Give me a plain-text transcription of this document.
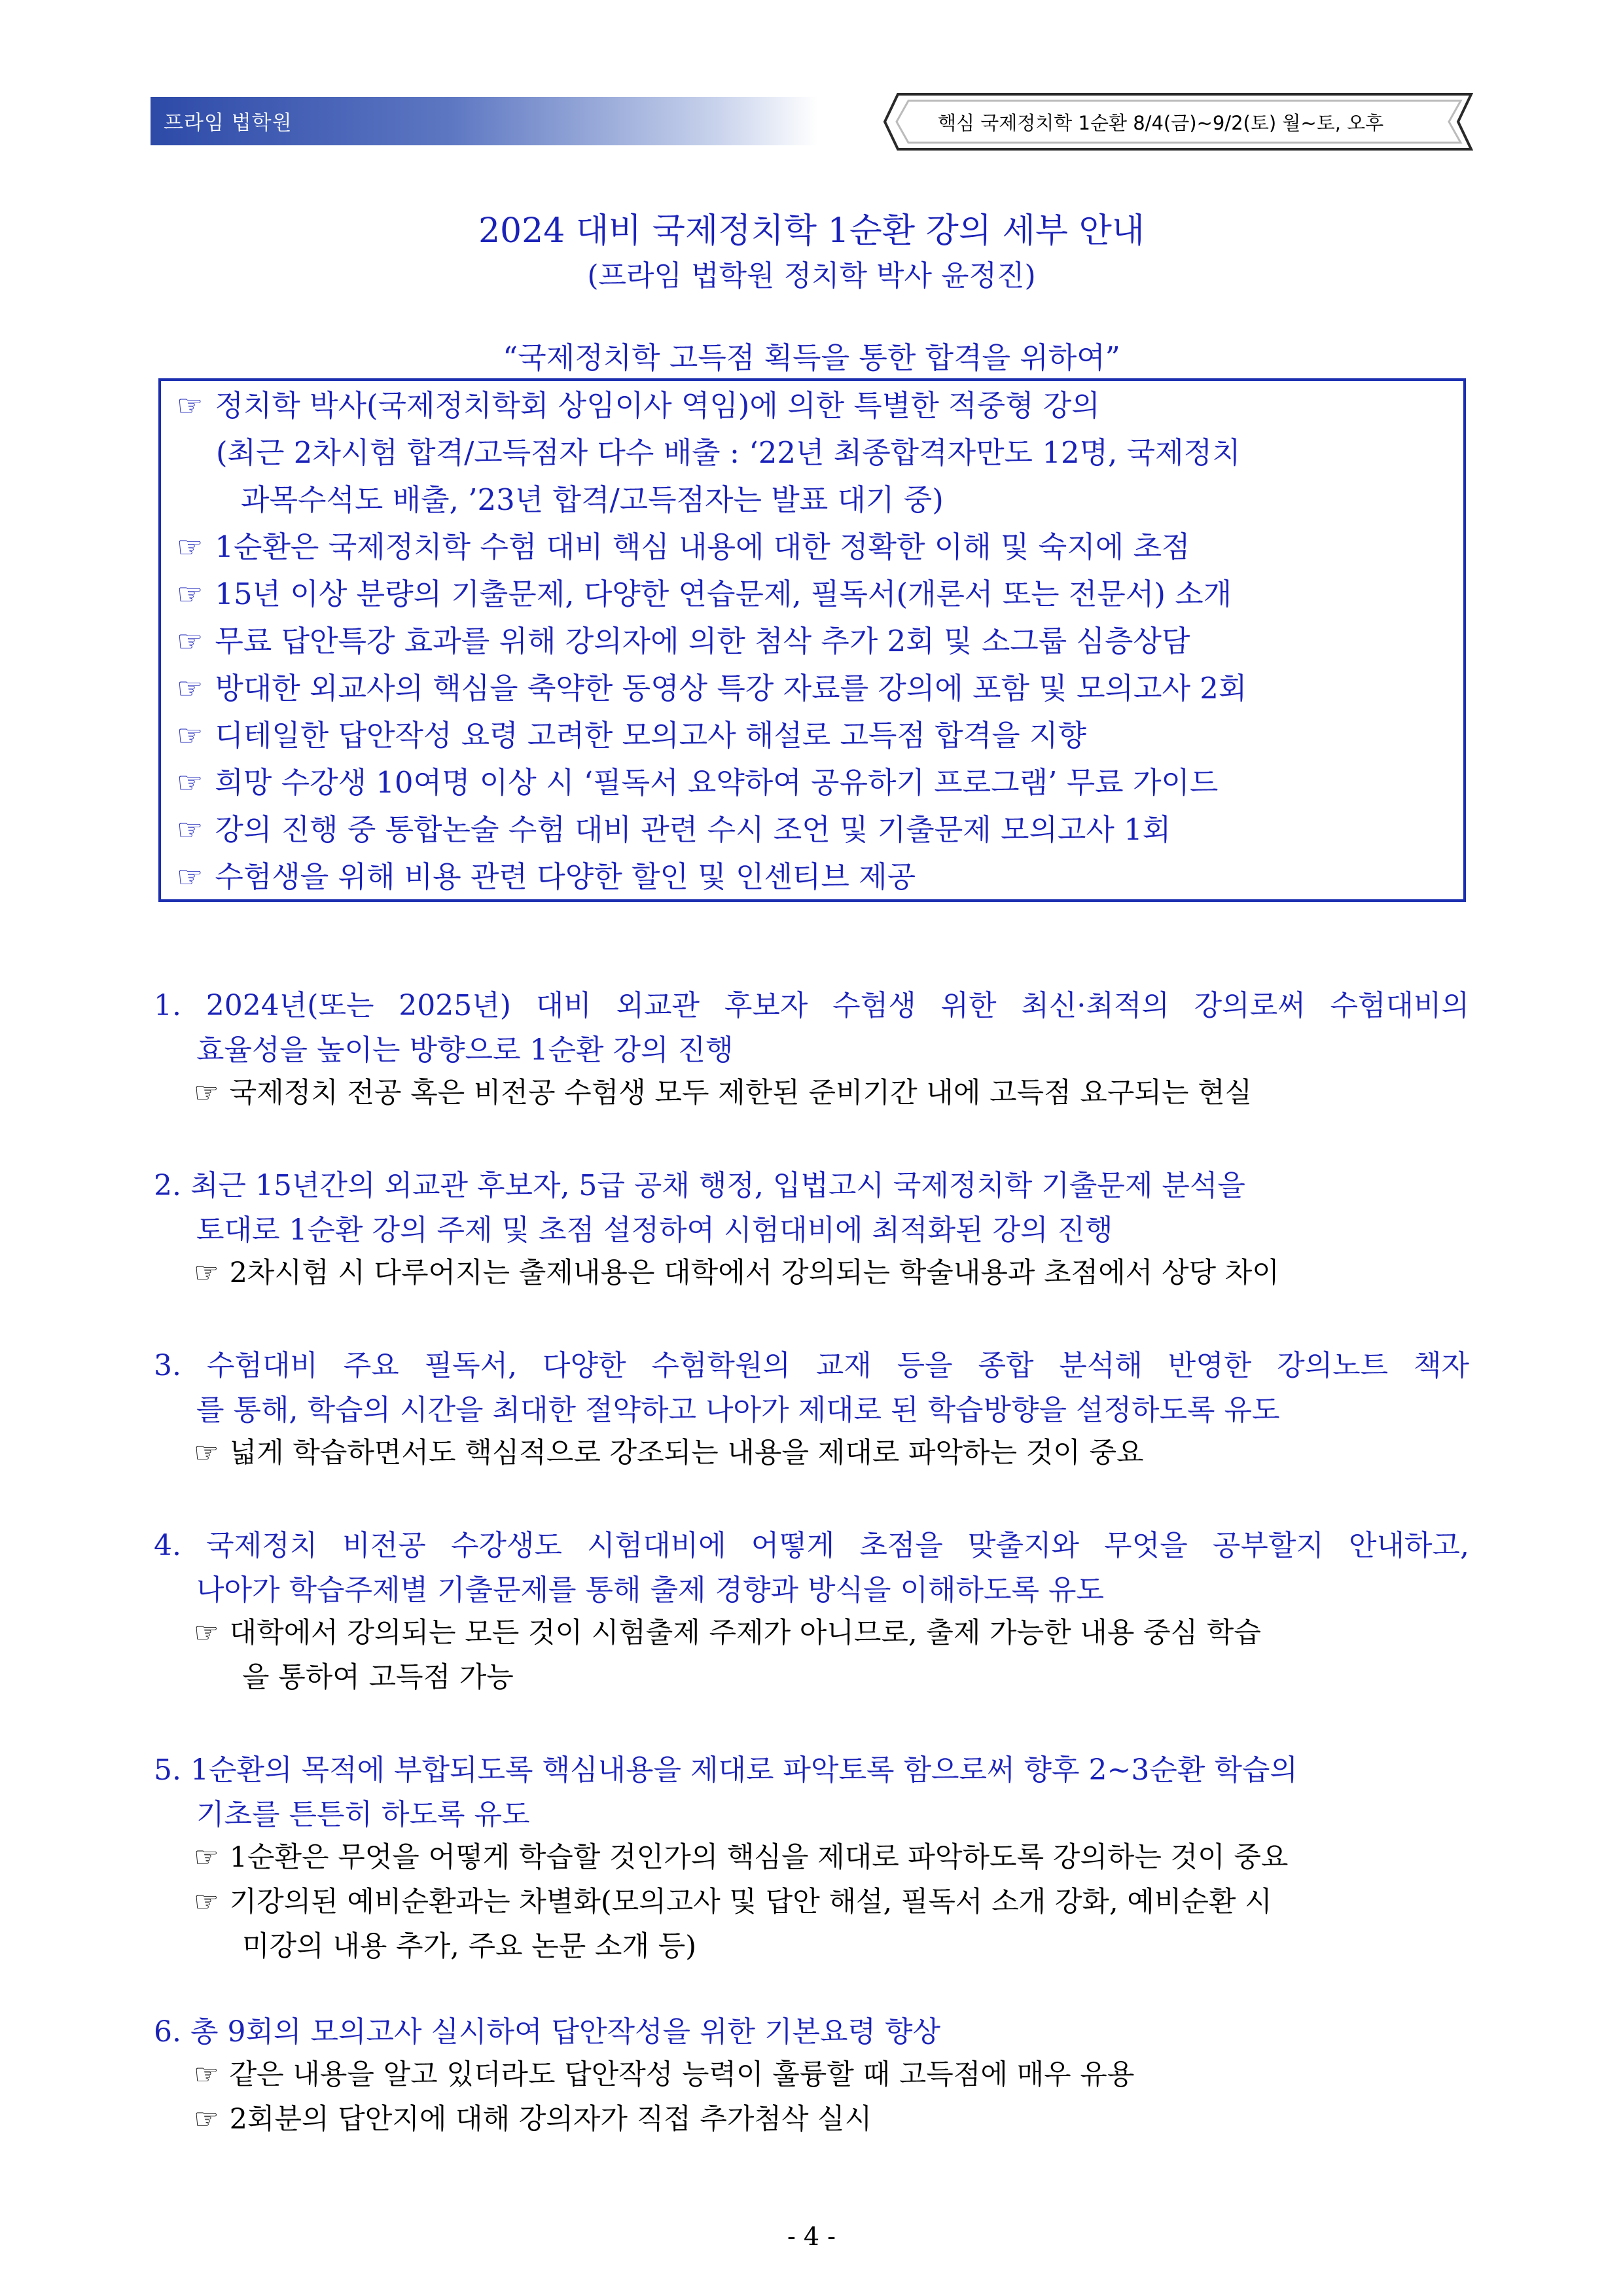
프라임 법학원	핵심 국제정치학 1순환 8/4(금)~9/2(토) 월~토, 오후
2024 대비 국제정치학 1순환 강의 세부 안내
(프라임 법학원 정치학 박사 윤정진)
“국제정치학 고득점 획득을 통한 합격을 위하여”
☞ 정치학 박사(국제정치학회 상임이사 역임)에 의한 특별한 적중형 강의
(최근 2차시험 합격/고득점자 다수 배출 : ‘22년 최종합격자만도 12명, 국제정치
과목수석도 배출, ’23년 합격/고득점자는 발표 대기 중)
☞ 1순환은 국제정치학 수험 대비 핵심 내용에 대한 정확한 이해 및 숙지에 초점
☞ 15년 이상 분량의 기출문제, 다양한 연습문제, 필독서(개론서 또는 전문서) 소개
☞ 무료 답안특강 효과를 위해 강의자에 의한 첨삭 추가 2회 및 소그룹 심층상담
☞ 방대한 외교사의 핵심을 축약한 동영상 특강 자료를 강의에 포함 및 모의고사 2회
☞ 디테일한 답안작성 요령 고려한 모의고사 해설로 고득점 합격을 지향
☞ 희망 수강생 10여명 이상 시 ‘필독서 요약하여 공유하기 프로그램’ 무료 가이드
☞ 강의 진행 중 통합논술 수험 대비 관련 수시 조언 및 기출문제 모의고사 1회
☞ 수험생을 위해 비용 관련 다양한 할인 및 인센티브 제공
1. 2024년(또는 2025년) 대비 외교관 후보자 수험생 위한 최신·최적의 강의로써 수험대비의
효율성을 높이는 방향으로 1순환 강의 진행
☞ 국제정치 전공 혹은 비전공 수험생 모두 제한된 준비기간 내에 고득점 요구되는 현실
2. 최근 15년간의 외교관 후보자, 5급 공채 행정, 입법고시 국제정치학 기출문제 분석을
토대로 1순환 강의 주제 및 초점 설정하여 시험대비에 최적화된 강의 진행
☞ 2차시험 시 다루어지는 출제내용은 대학에서 강의되는 학술내용과 초점에서 상당 차이
3. 수험대비 주요 필독서, 다양한 수험학원의 교재 등을 종합 분석해 반영한 강의노트 책자
를 통해, 학습의 시간을 최대한 절약하고 나아가 제대로 된 학습방향을 설정하도록 유도
☞ 넓게 학습하면서도 핵심적으로 강조되는 내용을 제대로 파악하는 것이 중요
4. 국제정치 비전공 수강생도 시험대비에 어떻게 초점을 맞출지와 무엇을 공부할지 안내하고,
나아가 학습주제별 기출문제를 통해 출제 경향과 방식을 이해하도록 유도
☞ 대학에서 강의되는 모든 것이 시험출제 주제가 아니므로, 출제 가능한 내용 중심 학습
을 통하여 고득점 가능
5. 1순환의 목적에 부합되도록 핵심내용을 제대로 파악토록 함으로써 향후 2~3순환 학습의
기초를 튼튼히 하도록 유도
☞ 1순환은 무엇을 어떻게 학습할 것인가의 핵심을 제대로 파악하도록 강의하는 것이 중요
☞ 기강의된 예비순환과는 차별화(모의고사 및 답안 해설, 필독서 소개 강화, 예비순환 시
미강의 내용 추가, 주요 논문 소개 등)
6. 총 9회의 모의고사 실시하여 답안작성을 위한 기본요령 향상
☞ 같은 내용을 알고 있더라도 답안작성 능력이 훌륭할 때 고득점에 매우 유용
☞ 2회분의 답안지에 대해 강의자가 직접 추가첨삭 실시
- 4 -
